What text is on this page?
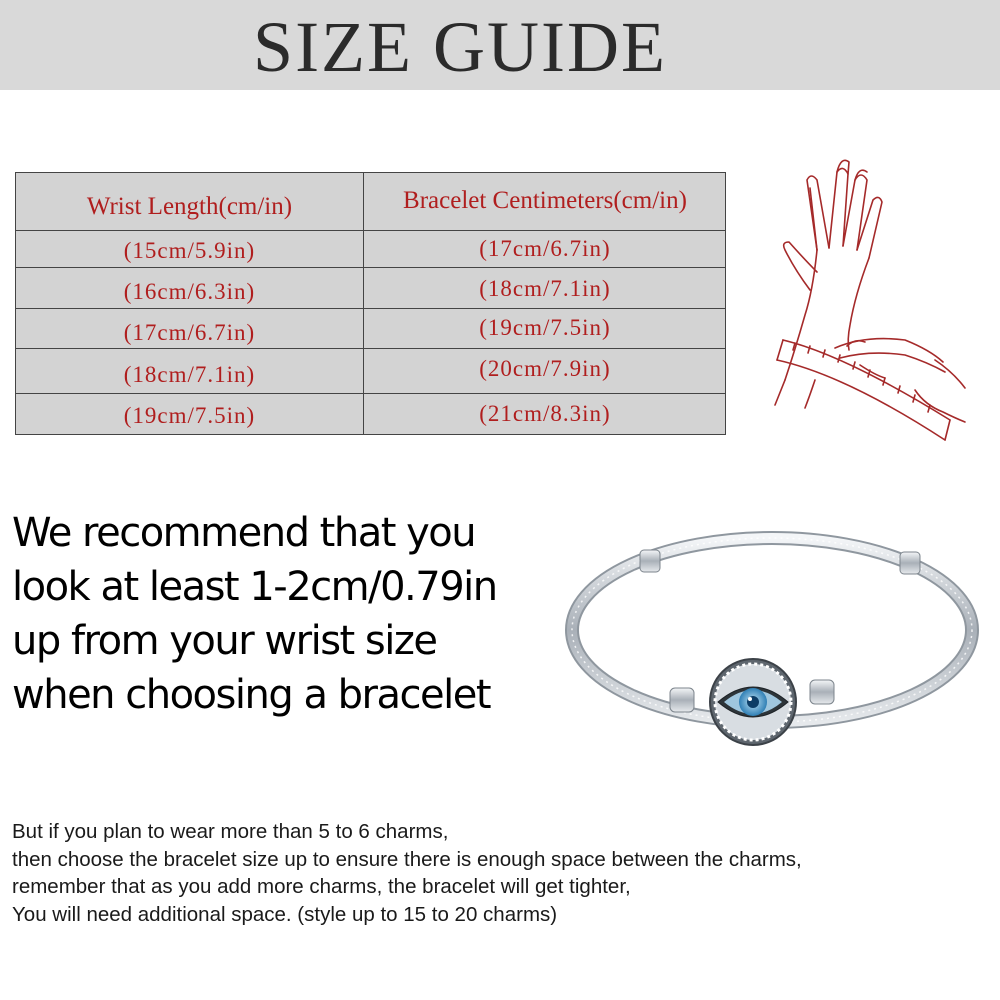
SIZE GUIDE
Wrist Length(cm/in)	Bracelet Centimeters(cm/in)
(15cm/5.9in)	(17cm/6.7in)
(16cm/6.3in)	(18cm/7.1in)
(17cm/6.7in)	(19cm/7.5in)
(18cm/7.1in)	(20cm/7.9in)
(19cm/7.5in)	(21cm/8.3in)
We recommend that you
look at least 1-2cm/0.79in
up from your wrist size
when choosing a bracelet
But if you plan to wear more than 5 to 6 charms,
then choose the bracelet size up to ensure there is enough space between the charms,
remember that as you add more charms, the bracelet will get tighter,
You will need additional space. (style up to 15 to 20 charms)
